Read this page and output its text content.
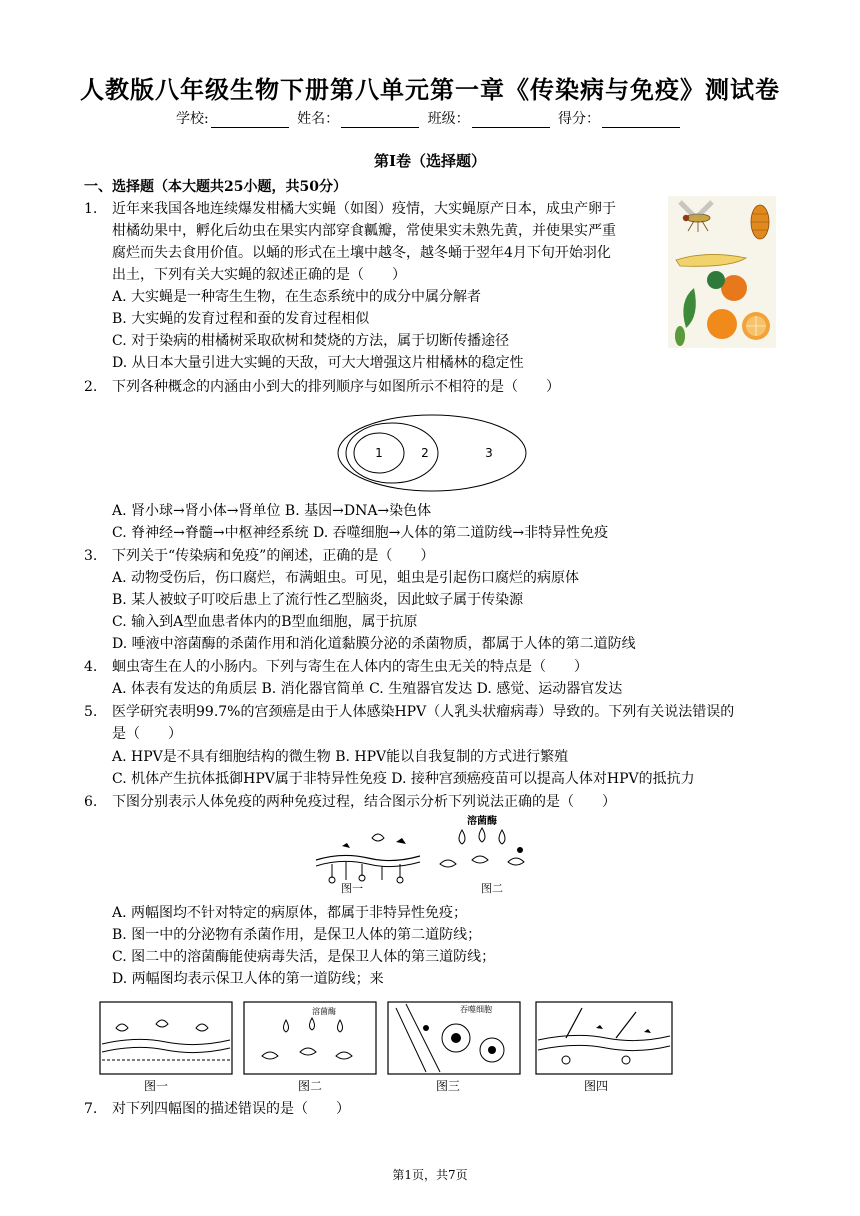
人教版八年级生物下册第八单元第一章《传染病与免疫》测试卷
学校:	姓名：	班级：	得分：
第Ⅰ卷（选择题）
一、选择题（本大题共25小题，共50分）
1.	近年来我国各地连续爆发柑橘大实蝇（如图）疫情，大实蝇原产日本，成虫产卵于
柑橘幼果中，孵化后幼虫在果实内部穿食瓤瓣，常使果实未熟先黄，并使果实严重
腐烂而失去食用价值。以蛹的形式在土壤中越冬，越冬蛹于翌年4月下旬开始羽化
出土，下列有关大实蝇的叙述正确的是（　　）
A. 大实蝇是一种寄生生物，在生态系统中的成分中属分解者
B. 大实蝇的发育过程和蚕的发育过程相似
C. 对于染病的柑橘树采取砍树和焚烧的方法，属于切断传播途径
D. 从日本大量引进大实蝇的天敌，可大大增强这片柑橘林的稳定性
2.	下列各种概念的内涵由小到大的排列顺序与如图所示不相符的是（　　）
1	2	3
A. 肾小球→肾小体→肾单位 B. 基因→DNA→染色体
C. 脊神经→脊髓→中枢神经系统 D. 吞噬细胞→人体的第二道防线→非特异性免疫
3.	下列关于“传染病和免疫”的阐述，正确的是（　　）
A. 动物受伤后，伤口腐烂，布满蛆虫。可见，蛆虫是引起伤口腐烂的病原体
B. 某人被蚊子叮咬后患上了流行性乙型脑炎，因此蚊子属于传染源
C. 输入到A型血患者体内的B型血细胞，属于抗原
D. 唾液中溶菌酶的杀菌作用和消化道黏膜分泌的杀菌物质，都属于人体的第二道防线
4.	蛔虫寄生在人的小肠内。下列与寄生在人体内的寄生虫无关的特点是（　　）
A. 体表有发达的角质层 B. 消化器官简单 C. 生殖器官发达 D. 感觉、运动器官发达
5.	医学研究表明99.7%的宫颈癌是由于人体感染HPV（人乳头状瘤病毒）导致的。下列有关说法错误的
是（　　）
A. HPV是不具有细胞结构的微生物 B. HPV能以自我复制的方式进行繁殖
C. 机体产生抗体抵御HPV属于非特异性免疫 D. 接种宫颈癌疫苗可以提高人体对HPV的抵抗力
6.	下图分别表示人体免疫的两种免疫过程，结合图示分析下列说法正确的是（　　）
图一
溶菌酶
图二
A. 两幅图均不针对特定的病原体，都属于非特异性免疫；
B. 图一中的分泌物有杀菌作用，是保卫人体的第二道防线；
C. 图二中的溶菌酶能使病毒失活，是保卫人体的第三道防线；
D. 两幅图均表示保卫人体的第一道防线；来
图一
溶菌酶
图二
吞噬细胞
图三	图四
7.	对下列四幅图的描述错误的是（　　）
第1页，共7页
